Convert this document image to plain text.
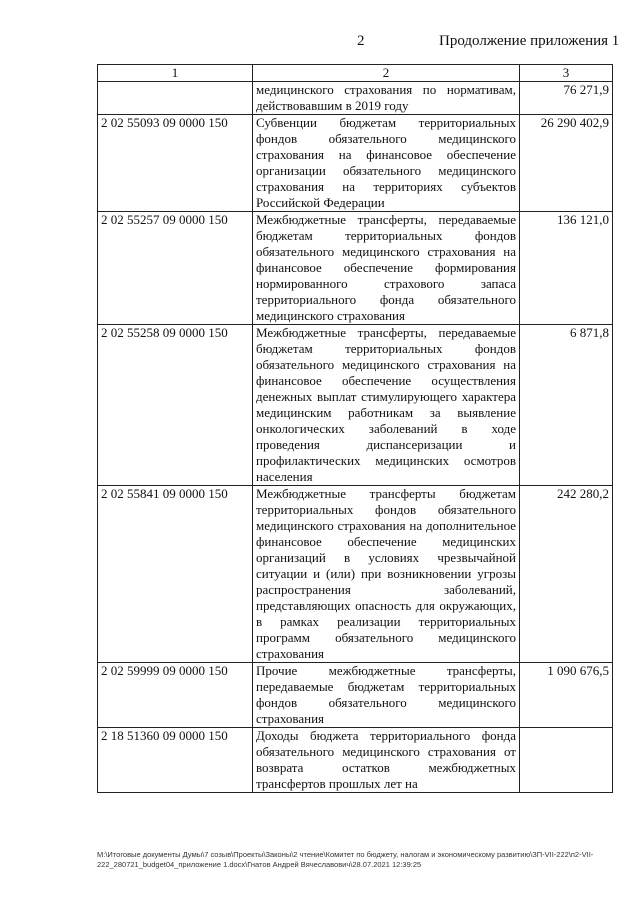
2	Продолжение приложения 1
1	2	3
	медицинского страхования по нормативам, действовавшим в 2019 году	76 271,9
2 02 55093 09 0000 150	Субвенции бюджетам территориальных фондов обязательного медицинского страхования на финансовое обеспечение организации обязательного медицинского страхования на территориях субъектов Российской Федерации	26 290 402,9
2 02 55257 09 0000 150	Межбюджетные трансферты, передаваемые бюджетам территориальных фондов обязательного медицинского страхования на финансовое обеспечение формирования нормированного страхового запаса территориального фонда обязательного медицинского страхования	136 121,0
2 02 55258 09 0000 150	Межбюджетные трансферты, передаваемые бюджетам территориальных фондов обязательного медицинского страхования на финансовое обеспечение осуществления денежных выплат стимулирующего характера медицинским работникам за выявление онкологических заболеваний в ходе проведения диспансеризации и профилактических медицинских осмотров населения	6 871,8
2 02 55841 09 0000 150	Межбюджетные трансферты бюджетам территориальных фондов обязательного медицинского страхования на дополнительное финансовое обеспечение медицинских организаций в условиях чрезвычайной ситуации и (или) при возникновении угрозы распространения заболеваний, представляющих опасность для окружающих, в рамках реализации территориальных программ обязательного медицинского страхования	242 280,2
2 02 59999 09 0000 150	Прочие межбюджетные трансферты, передаваемые бюджетам территориальных фондов обязательного медицинского страхования	1 090 676,5
2 18 51360 09 0000 150	Доходы бюджета территориального фонда обязательного медицинского страхования от возврата остатков межбюджетных трансфертов прошлых лет на	
М:\Итоговые документы Думы\7 созыв\Проекты\Законы\2 чтение\Комитет по бюджету, налогам и экономическому развитию\ЗП-VII-222\п2-VII-222_280721_budget04_приложение 1.docx\Гнатов Андрей Вячеславович\28.07.2021 12:39:25
